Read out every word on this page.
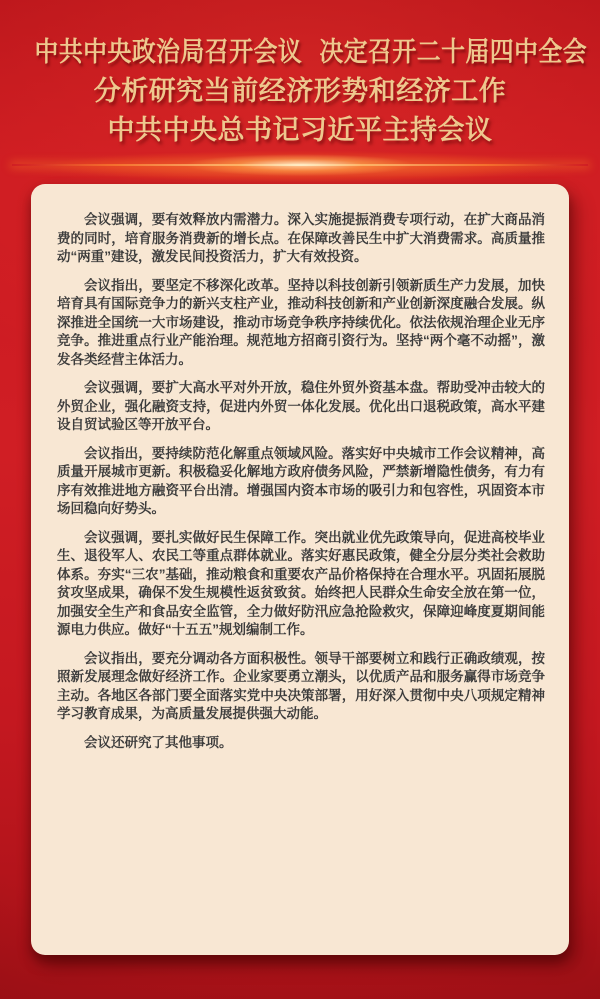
中共中央政治局召开会议 决定召开二十届四中全会
分析研究当前经济形势和经济工作
中共中央总书记习近平主持会议

会议强调，要有效释放内需潜力。深入实施提振消费专项行动，在扩大商品消费的同时，培育服务消费新的增长点。在保障改善民生中扩大消费需求。高质量推动“两重”建设，激发民间投资活力，扩大有效投资。

会议指出，要坚定不移深化改革。坚持以科技创新引领新质生产力发展，加快培育具有国际竞争力的新兴支柱产业，推动科技创新和产业创新深度融合发展。纵深推进全国统一大市场建设，推动市场竞争秩序持续优化。依法依规治理企业无序竞争。推进重点行业产能治理。规范地方招商引资行为。坚持“两个毫不动摇”，激发各类经营主体活力。

会议强调，要扩大高水平对外开放，稳住外贸外资基本盘。帮助受冲击较大的外贸企业，强化融资支持，促进内外贸一体化发展。优化出口退税政策，高水平建设自贸试验区等开放平台。

会议指出，要持续防范化解重点领域风险。落实好中央城市工作会议精神，高质量开展城市更新。积极稳妥化解地方政府债务风险，严禁新增隐性债务，有力有序有效推进地方融资平台出清。增强国内资本市场的吸引力和包容性，巩固资本市场回稳向好势头。

会议强调，要扎实做好民生保障工作。突出就业优先政策导向，促进高校毕业生、退役军人、农民工等重点群体就业。落实好惠民政策，健全分层分类社会救助体系。夯实“三农”基础，推动粮食和重要农产品价格保持在合理水平。巩固拓展脱贫攻坚成果，确保不发生规模性返贫致贫。始终把人民群众生命安全放在第一位，加强安全生产和食品安全监管，全力做好防汛应急抢险救灾，保障迎峰度夏期间能源电力供应。做好“十五五”规划编制工作。

会议指出，要充分调动各方面积极性。领导干部要树立和践行正确政绩观，按照新发展理念做好经济工作。企业家要勇立潮头，以优质产品和服务赢得市场竞争主动。各地区各部门要全面落实党中央决策部署，用好深入贯彻中央八项规定精神学习教育成果，为高质量发展提供强大动能。

会议还研究了其他事项。
